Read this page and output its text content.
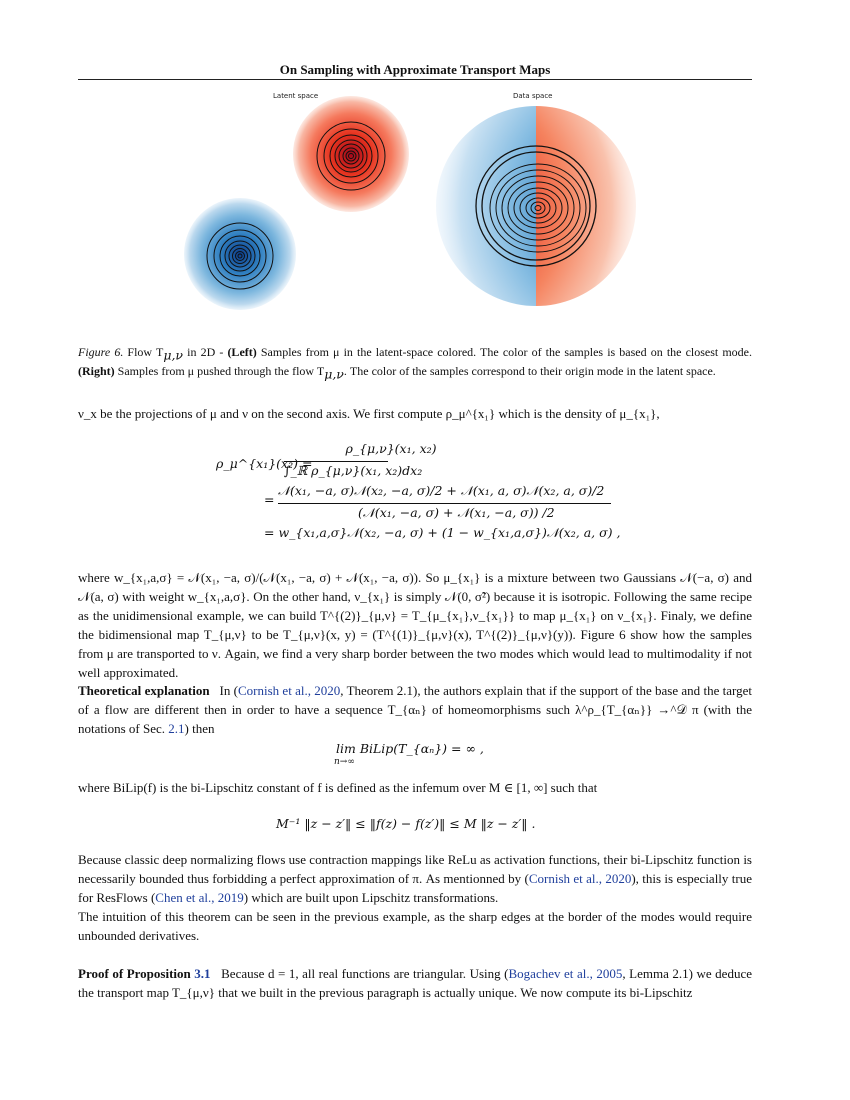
On Sampling with Approximate Transport Maps
Latent space	Data space
Figure 6. Flow $T_{\mu,\nu}$ in 2D - (Left) Samples from μ in the latent-space colored. The color of the samples is based on the closest mode. (Right) Samples from μ pushed through the flow $T_{\mu,\nu}$. The color of the samples correspond to their origin mode in the latent space.
ν_x be the projections of μ and ν on the second axis. We first compute ρ_μ^{x₁} which is the density of μ_{x₁},
ρ_μ^{x₁}(x₂) =
ρ_{μ,ν}(x₁, x₂)
∫_ℝ ρ_{μ,ν}(x₁, x₂)dx₂
=
𝒩(x₁, −a, σ)𝒩(x₂, −a, σ)/2 + 𝒩(x₁, a, σ)𝒩(x₂, a, σ)/2
(𝒩(x₁, −a, σ) + 𝒩(x₁, −a, σ)) /2
= w_{x₁,a,σ}𝒩(x₂, −a, σ) + (1 − w_{x₁,a,σ})𝒩(x₂, a, σ) ,
where w_{x₁,a,σ} = 𝒩(x₁, −a, σ)/(𝒩(x₁, −a, σ) + 𝒩(x₁, −a, σ)). So μ_{x₁} is a mixture between two Gaussians 𝒩(−a, σ) and 𝒩(a, σ) with weight w_{x₁,a,σ}. On the other hand, ν_{x₁} is simply 𝒩(0, σ̃²) because it is isotropic. Following the same recipe as the unidimensional example, we can build T^{(2)}_{μ,ν} = T_{μ_{x₁},ν_{x₁}} to map μ_{x₁} on ν_{x₁}. Finaly, we define the bidimensional map T_{μ,ν} to be T_{μ,ν}(x, y) = (T^{(1)}_{μ,ν}(x), T^{(2)}_{μ,ν}(y)). Figure 6 show how the samples from μ are transported to ν. Again, we find a very sharp border between the two modes which would lead to multimodality if not well approximated.
Theoretical explanation In (Cornish et al., 2020, Theorem 2.1), the authors explain that if the support of the base and the target of a flow are different then in order to have a sequence T_{αₙ} of homeomorphisms such λ^ρ_{T_{αₙ}} →^𝒟 π (with the notations of Sec. 2.1) then
lim BiLip(T_{αₙ}) = ∞ ,
n→∞
where BiLip(f) is the bi-Lipschitz constant of f is defined as the infemum over M ∈ [1, ∞] such that
M⁻¹ ‖z − z′‖ ≤ ‖f(z) − f(z′)‖ ≤ M ‖z − z′‖ .
Because classic deep normalizing flows use contraction mappings like ReLu as activation functions, their bi-Lipschitz function is necessarily bounded thus forbidding a perfect approximation of π. As mentionned by (Cornish et al., 2020), this is especially true for ResFlows (Chen et al., 2019) which are built upon Lipschitz transformations.
The intuition of this theorem can be seen in the previous example, as the sharp edges at the border of the modes would require unbounded derivatives.
Proof of Proposition 3.1 Because d = 1, all real functions are triangular. Using (Bogachev et al., 2005, Lemma 2.1) we deduce the transport map T_{μ,ν} that we built in the previous paragraph is actually unique. We now compute its bi-Lipschitz
